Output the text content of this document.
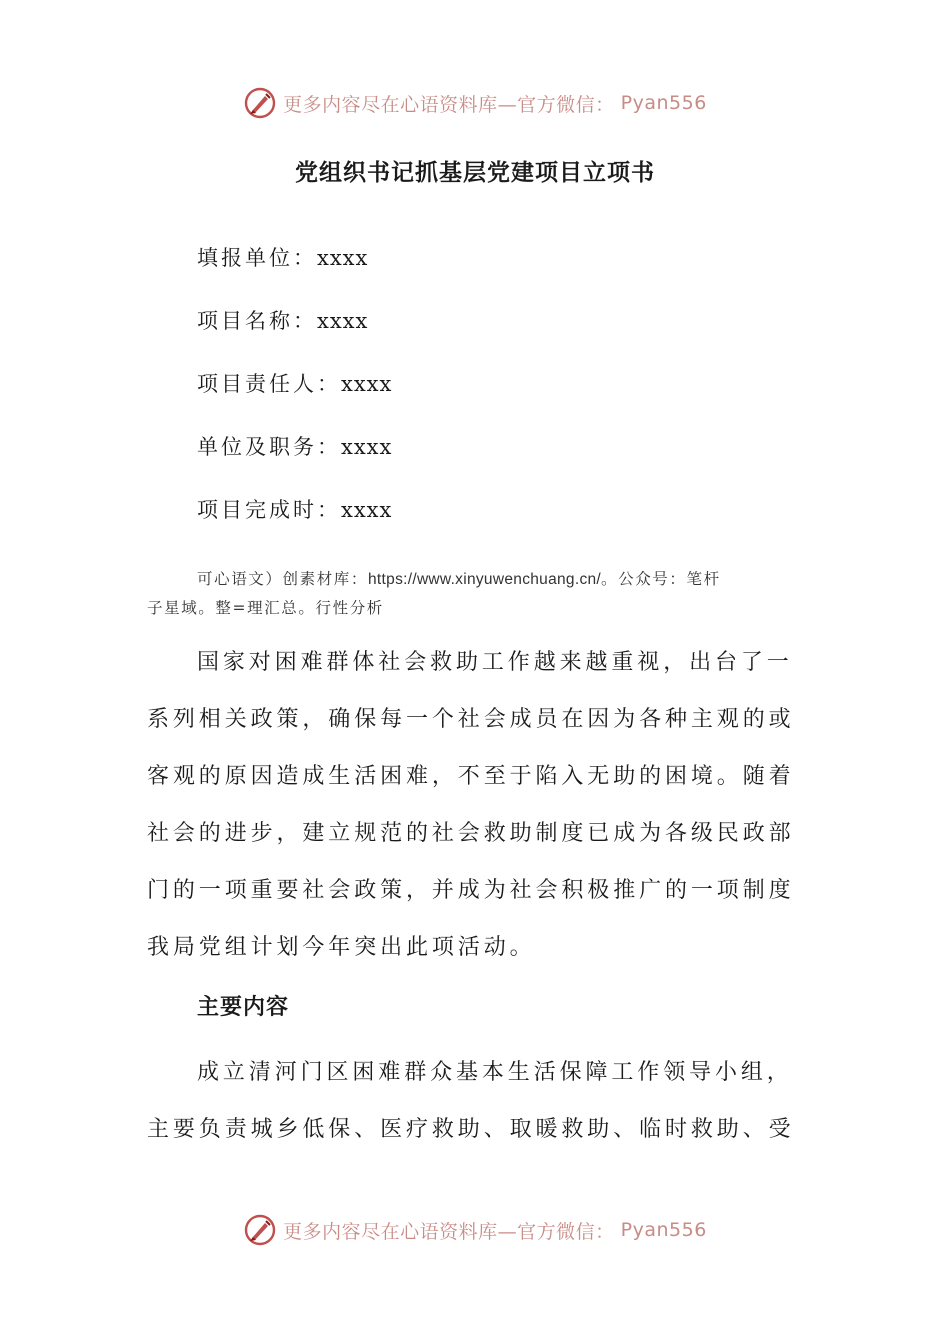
更多内容尽在心语资料库—官方微信： Pyan556
党组织书记抓基层党建项目立项书
填报单位：xxxx
项目名称：xxxx
项目责任人：xxxx
单位及职务：xxxx
项目完成时：xxxx
可心语文）创素材库：https://www.xinyuwenchuang.cn/。公众号：笔杆
子星域。整=理汇总。行性分析
国家对困难群体社会救助工作越来越重视，出台了一
系列相关政策，确保每一个社会成员在因为各种主观的或
客观的原因造成生活困难，不至于陷入无助的困境。随着
社会的进步，建立规范的社会救助制度已成为各级民政部
门的一项重要社会政策，并成为社会积极推广的一项制度
我局党组计划今年突出此项活动。
主要内容
成立清河门区困难群众基本生活保障工作领导小组，
主要负责城乡低保、医疗救助、取暖救助、临时救助、受
更多内容尽在心语资料库—官方微信： Pyan556
